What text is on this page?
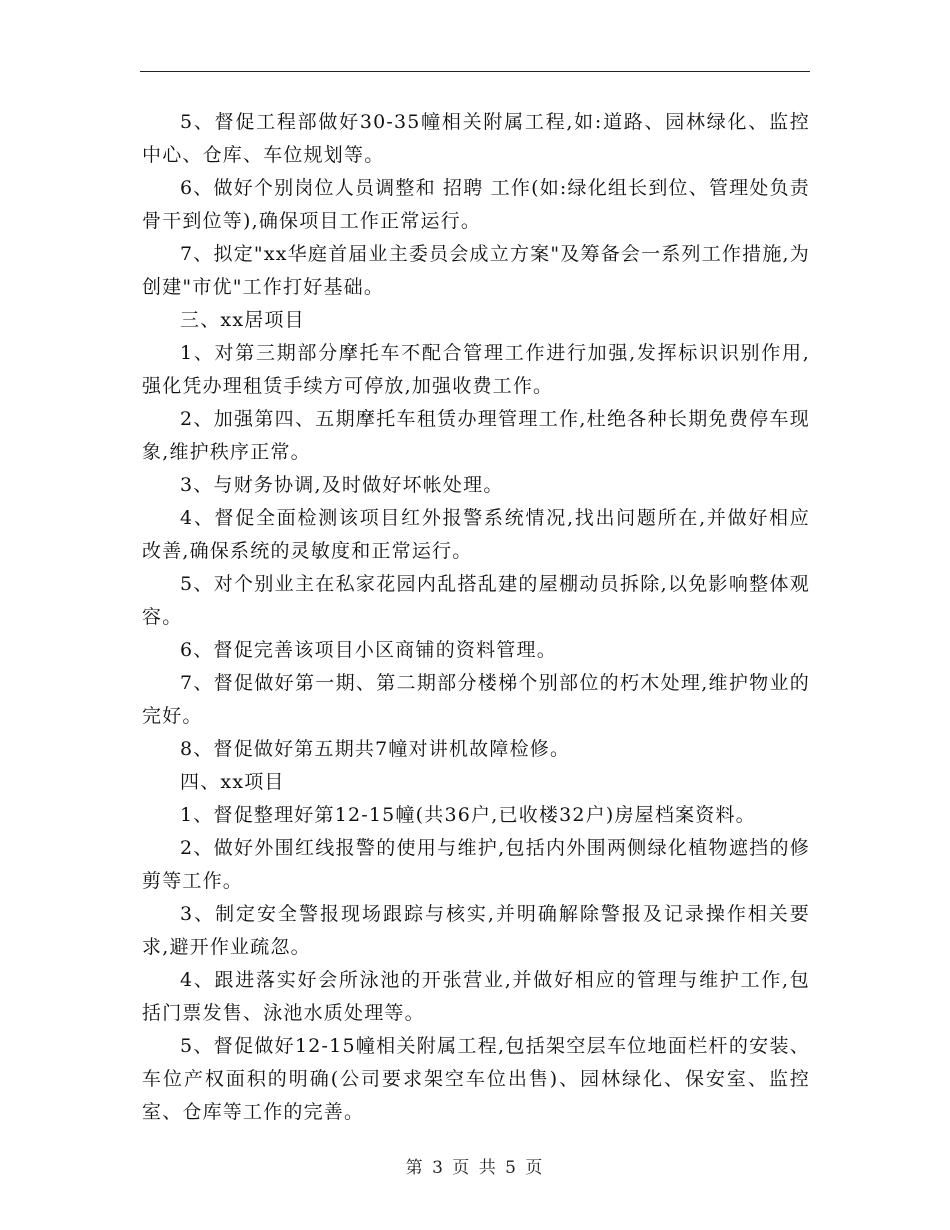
5、督促工程部做好30-35幢相关附属工程,如:道路、园林绿化、监控中心、仓库、车位规划等。

6、做好个别岗位人员调整和 招聘 工作(如:绿化组长到位、管理处负责骨干到位等),确保项目工作正常运行。

7、拟定"xx华庭首届业主委员会成立方案"及筹备会一系列工作措施,为创建"市优"工作打好基础。

三、xx居项目

1、对第三期部分摩托车不配合管理工作进行加强,发挥标识识别作用,强化凭办理租赁手续方可停放,加强收费工作。

2、加强第四、五期摩托车租赁办理管理工作,杜绝各种长期免费停车现象,维护秩序正常。

3、与财务协调,及时做好坏帐处理。

4、督促全面检测该项目红外报警系统情况,找出问题所在,并做好相应改善,确保系统的灵敏度和正常运行。

5、对个别业主在私家花园内乱搭乱建的屋棚动员拆除,以免影响整体观容。

6、督促完善该项目小区商铺的资料管理。

7、督促做好第一期、第二期部分楼梯个别部位的朽木处理,维护物业的完好。

8、督促做好第五期共7幢对讲机故障检修。

四、xx项目

1、督促整理好第12-15幢(共36户,已收楼32户)房屋档案资料。

2、做好外围红线报警的使用与维护,包括内外围两侧绿化植物遮挡的修剪等工作。

3、制定安全警报现场跟踪与核实,并明确解除警报及记录操作相关要求,避开作业疏忽。

4、跟进落实好会所泳池的开张营业,并做好相应的管理与维护工作,包括门票发售、泳池水质处理等。

5、督促做好12-15幢相关附属工程,包括架空层车位地面栏杆的安装、车位产权面积的明确(公司要求架空车位出售)、园林绿化、保安室、监控室、仓库等工作的完善。

第 3 页 共 5 页
